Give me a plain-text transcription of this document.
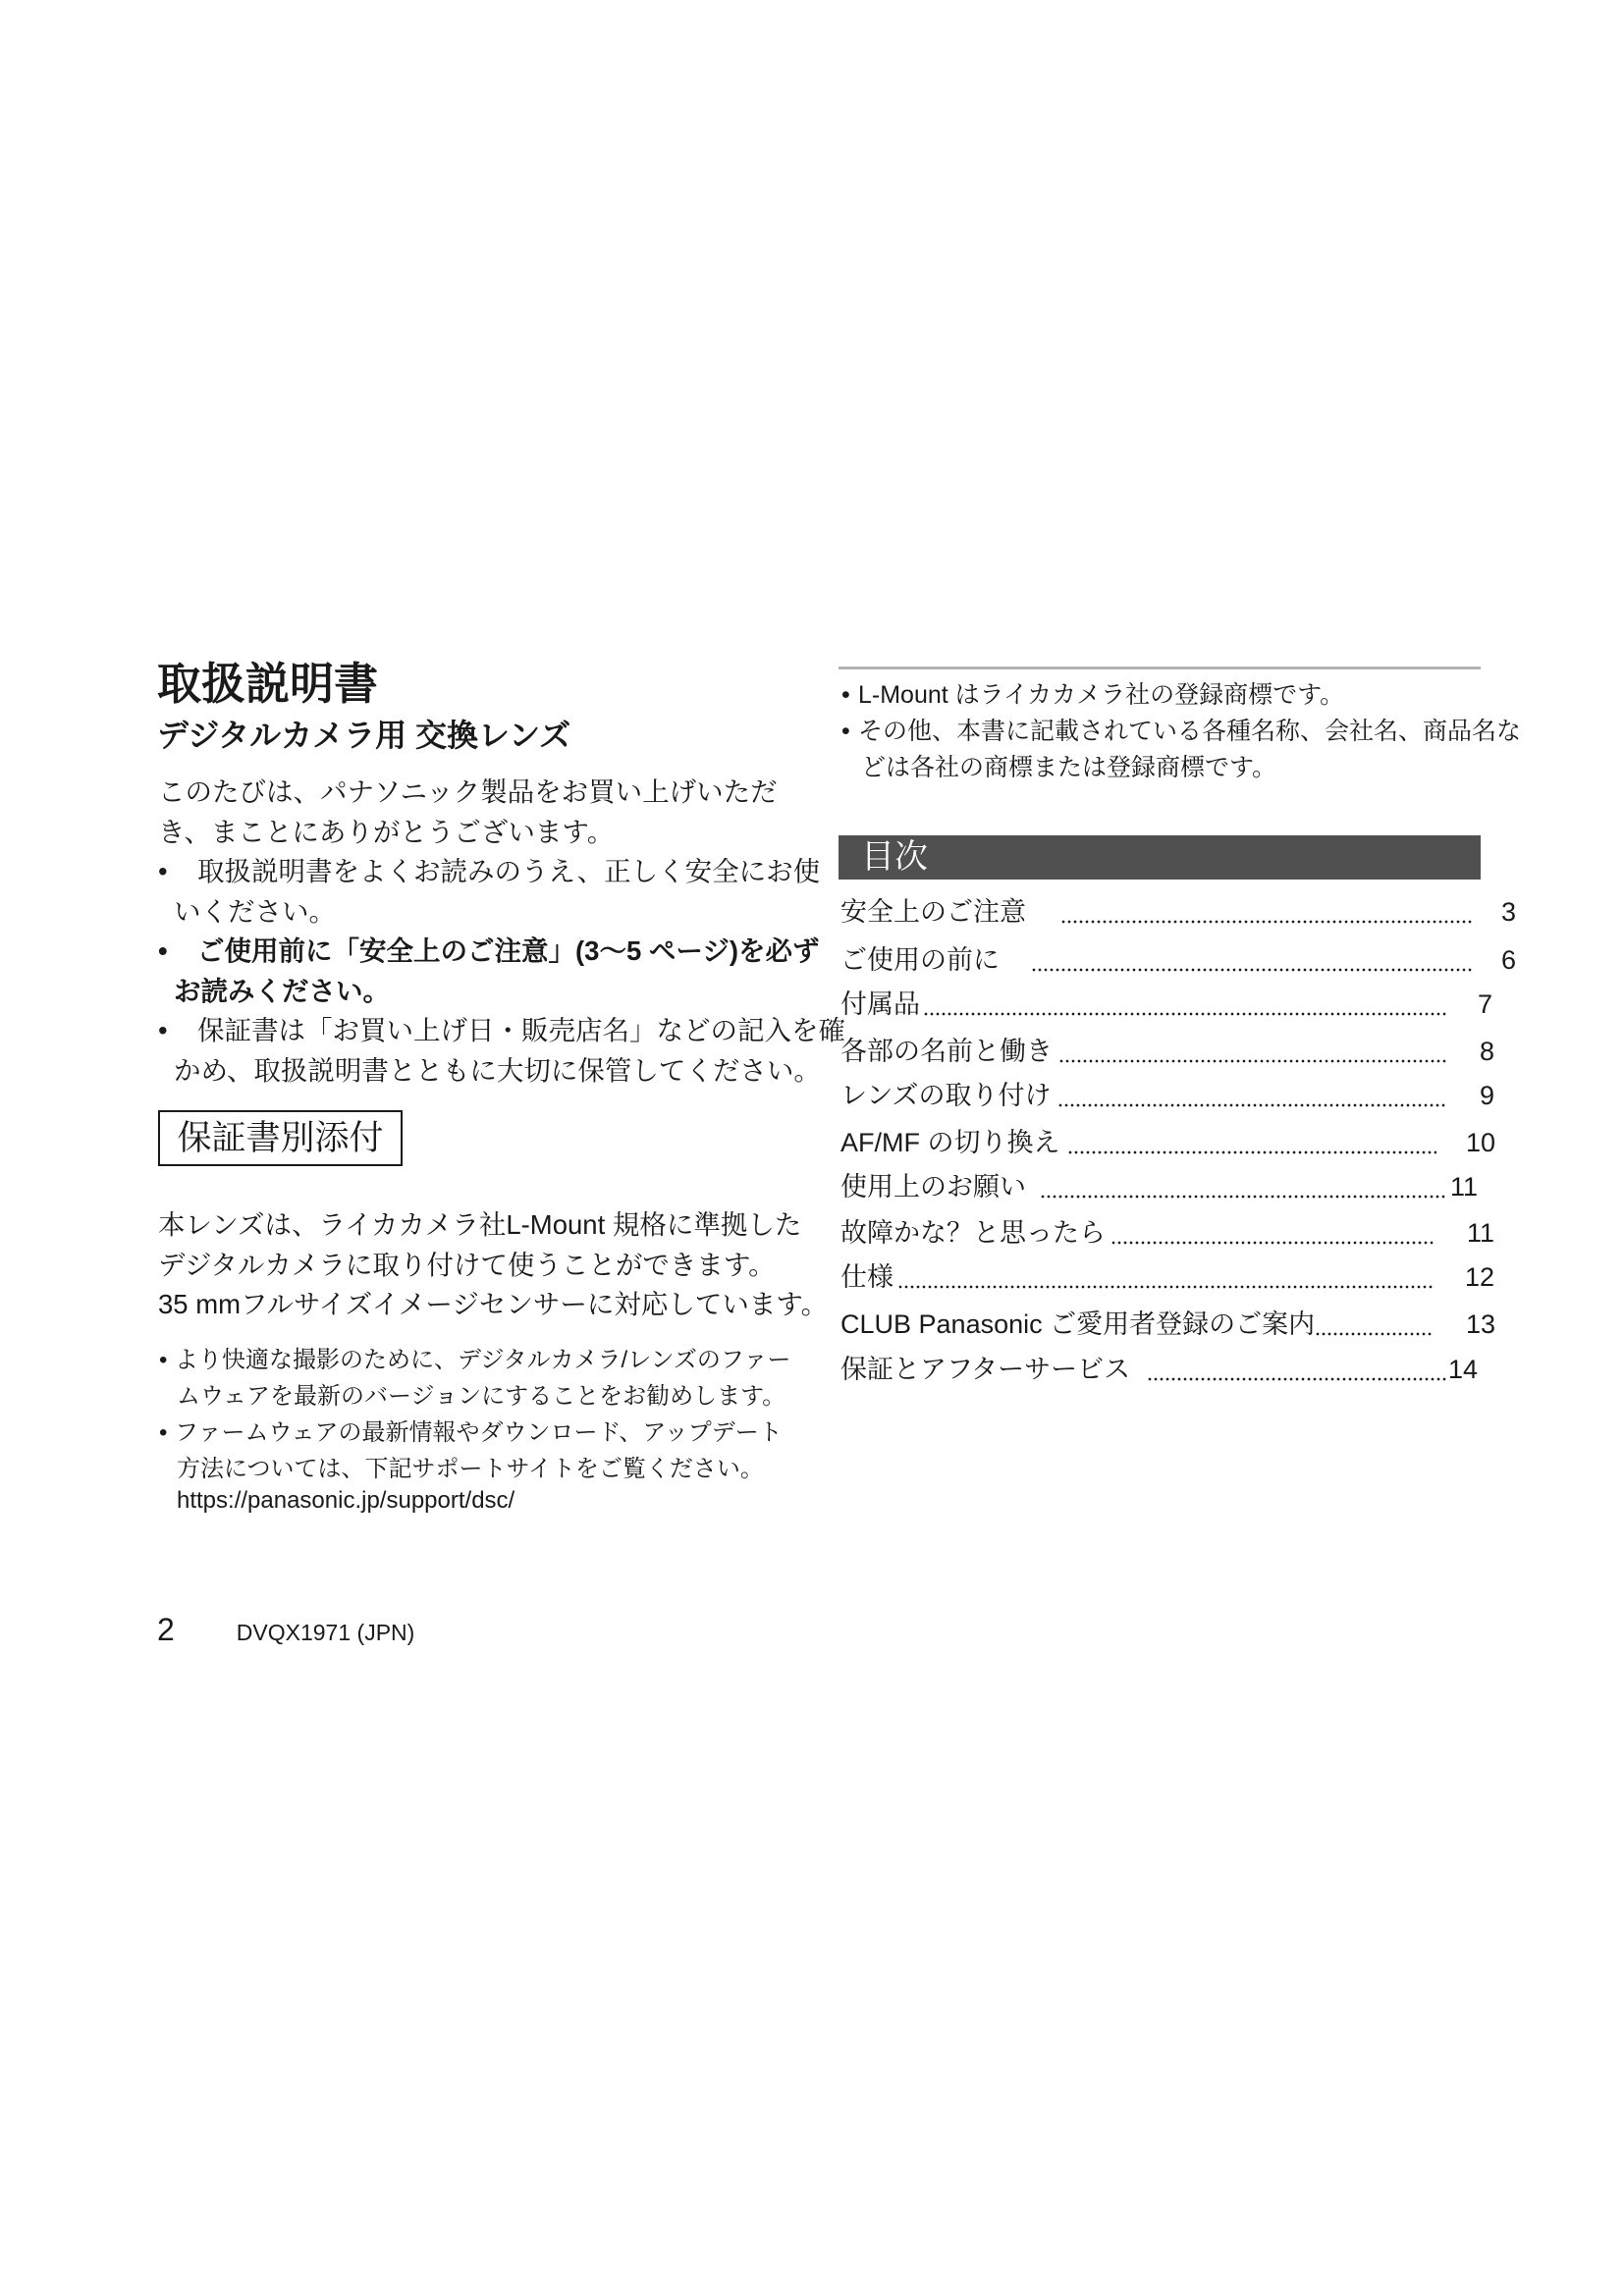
取扱説明書
デジタルカメラ用 交換レンズ
このたびは、パナソニック製品をお買い上げいただ
き、まことにありがとうございます。
• 取扱説明書をよくお読みのうえ、正しく安全にお使
いください。
• ご使用前に「安全上のご注意」(3～5 ページ)を必ず
お読みください。
• 保証書は「お買い上げ日・販売店名」などの記入を確
かめ、取扱説明書とともに大切に保管してください。
保証書別添付
本レンズは、ライカカメラ社L-Mount 規格に準拠した
デジタルカメラに取り付けて使うことができます。
35 mmフルサイズイメージセンサーに対応しています。
• より快適な撮影のために、デジタルカメラ/レンズのファー
ムウェアを最新のバージョンにすることをお勧めします。
• ファームウェアの最新情報やダウンロード、アップデート
方法については、下記サポートサイトをご覧ください。
https://panasonic.jp/support/dsc/
2	DVQX1971 (JPN)
• L-Mount はライカカメラ社の登録商標です。
• その他、本書に記載されている各種名称、会社名、商品名な
どは各社の商標または登録商標です。
目次
安全上のご注意	3
ご使用の前に	6
付属品	7
各部の名前と働き	8
レンズの取り付け	9
AF/MF の切り換え	10
使用上のお願い	11
故障かな？と思ったら	11
仕様	12
CLUB Panasonic ご愛用者登録のご案内	13
保証とアフターサービス	14
